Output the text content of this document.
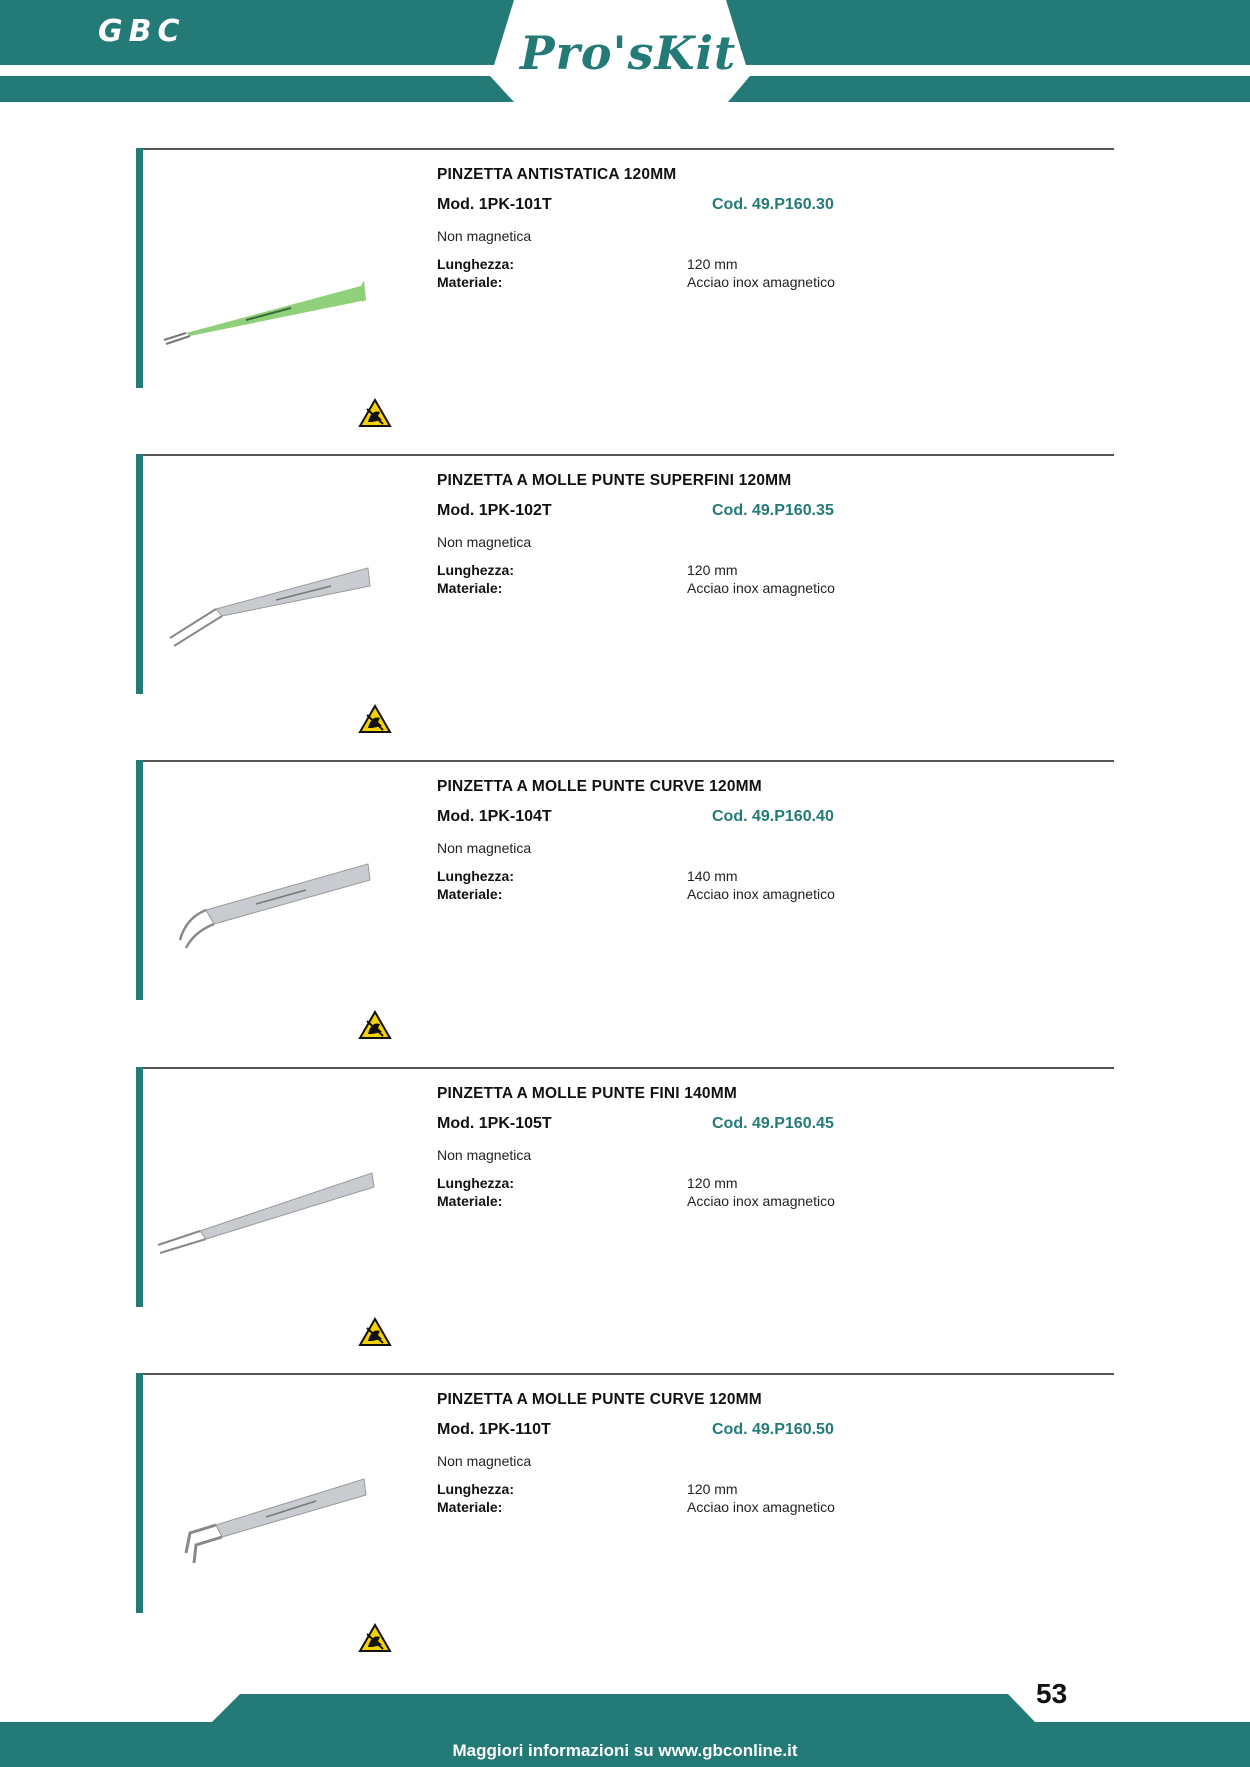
GBC	Pro'sKit ®
PINZETTA ANTISTATICA 120MM
Mod. 1PK-101T	Cod. 49.P160.30
Non magnetica
Lunghezza:	120 mm
Materiale:	Acciao inox amagnetico
PINZETTA A MOLLE PUNTE SUPERFINI 120MM
Mod. 1PK-102T	Cod. 49.P160.35
Non magnetica
Lunghezza:	120 mm
Materiale:	Acciao inox amagnetico
PINZETTA A MOLLE PUNTE CURVE 120MM
Mod. 1PK-104T	Cod. 49.P160.40
Non magnetica
Lunghezza:	140 mm
Materiale:	Acciao inox amagnetico
PINZETTA A MOLLE PUNTE FINI 140MM
Mod. 1PK-105T	Cod. 49.P160.45
Non magnetica
Lunghezza:	120 mm
Materiale:	Acciao inox amagnetico
PINZETTA A MOLLE PUNTE CURVE 120MM
Mod. 1PK-110T	Cod. 49.P160.50
Non magnetica
Lunghezza:	120 mm
Materiale:	Acciao inox amagnetico
53
Maggiori informazioni su www.gbconline.it
